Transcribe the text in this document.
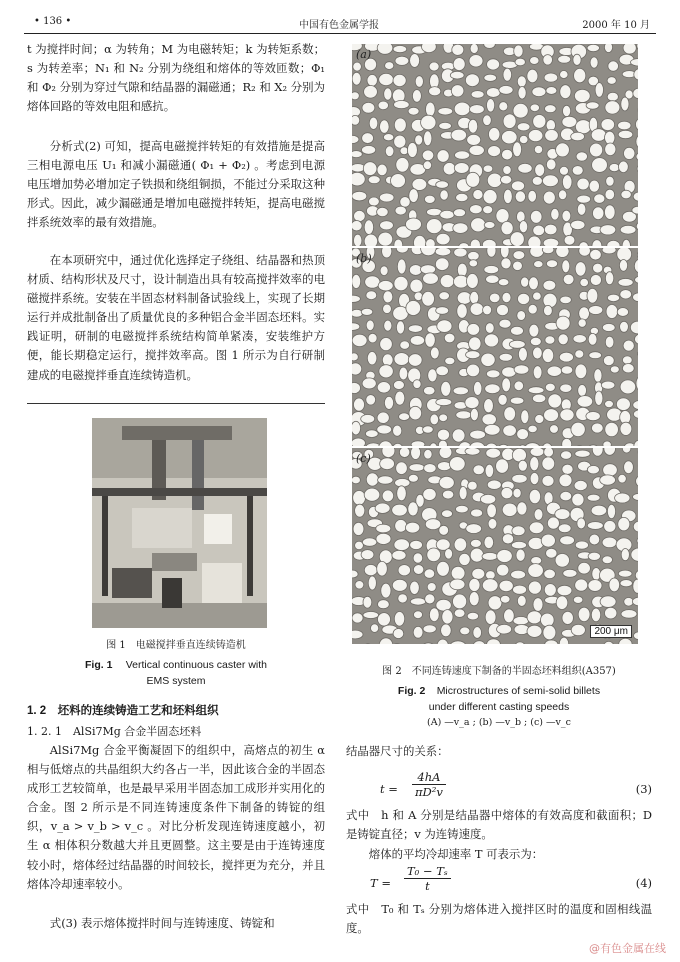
• 136 •	中国有色金属学报	2000 年 10 月
t 为搅拌时间；α 为转角；M 为电磁转矩；k 为转矩系数；s 为转差率；N₁ 和 N₂ 分别为绕组和熔体的等效匝数；Φ₁ 和 Φ₂ 分别为穿过气隙和结晶器的漏磁通；R₂ 和 X₂ 分别为熔体回路的等效电阻和感抗。
分析式(2) 可知，提高电磁搅拌转矩的有效措施是提高三相电源电压 U₁ 和减小漏磁通( Φ₁ + Φ₂) 。考虑到电源电压增加势必增加定子铁损和绕组铜损，不能过分采取这种形式。因此，减少漏磁通是增加电磁搅拌转矩，提高电磁搅拌系统效率的最有效措施。
在本项研究中，通过优化选择定子绕组、结晶器和热顶材质、结构形状及尺寸，设计制造出具有较高搅拌效率的电磁搅拌系统。安装在半固态材料制备试验线上，实现了长期运行并成批制备出了质量优良的多种铝合金半固态坯料。实践证明，研制的电磁搅拌系统结构简单紧凑，安装维护方便，能长期稳定运行，搅拌效率高。图 1 所示为自行研制建成的电磁搅拌垂直连续铸造机。
图 1　电磁搅拌垂直连续铸造机
Fig. 1 Vertical continuous caster with
EMS system
1. 2　坯料的连续铸造工艺和坯料组织
1. 2. 1　AlSi7Mg 合金半固态坯料
AlSi7Mg 合金平衡凝固下的组织中，高熔点的初生 α 相与低熔点的共晶组织大约各占一半，因此该合金的半固态成形工艺较简单，也是最早采用半固态加工成形并实用化的合金。图 2 所示是不同连铸速度条件下制备的铸锭的组织，v_a > v_b > v_c 。对比分析发现连铸速度越小，初生 α 相体积分数越大并且更圆整。这主要是由于连铸速度较小时，熔体经过结晶器的时间较长，搅拌更为充分，并且熔体冷却速率较小。
式(3) 表示熔体搅拌时间与连铸速度、铸锭和
(a)
(b)
(c)
200 μm
图 2　不同连铸速度下制备的半固态坯料组织(A357)
Fig. 2 Microstructures of semi-solid billets
under different casting speeds
(A) —v_a ; (b) —v_b ; (c) —v_c
结晶器尺寸的关系：
$t = \frac{4hA}{\text{πD²v}}$	(3)
式中　h 和 A 分别是结晶器中熔体的有效高度和截面积；D 是铸锭直径；v 为连铸速度。
熔体的平均冷却速率 T 可表示为：
$T = \frac{\text{T₀ − Tₛ}}{t}$	(4)
式中　T₀ 和 Tₛ 分别为熔体进入搅拌区时的温度和固相线温度。
@有色金属在线
